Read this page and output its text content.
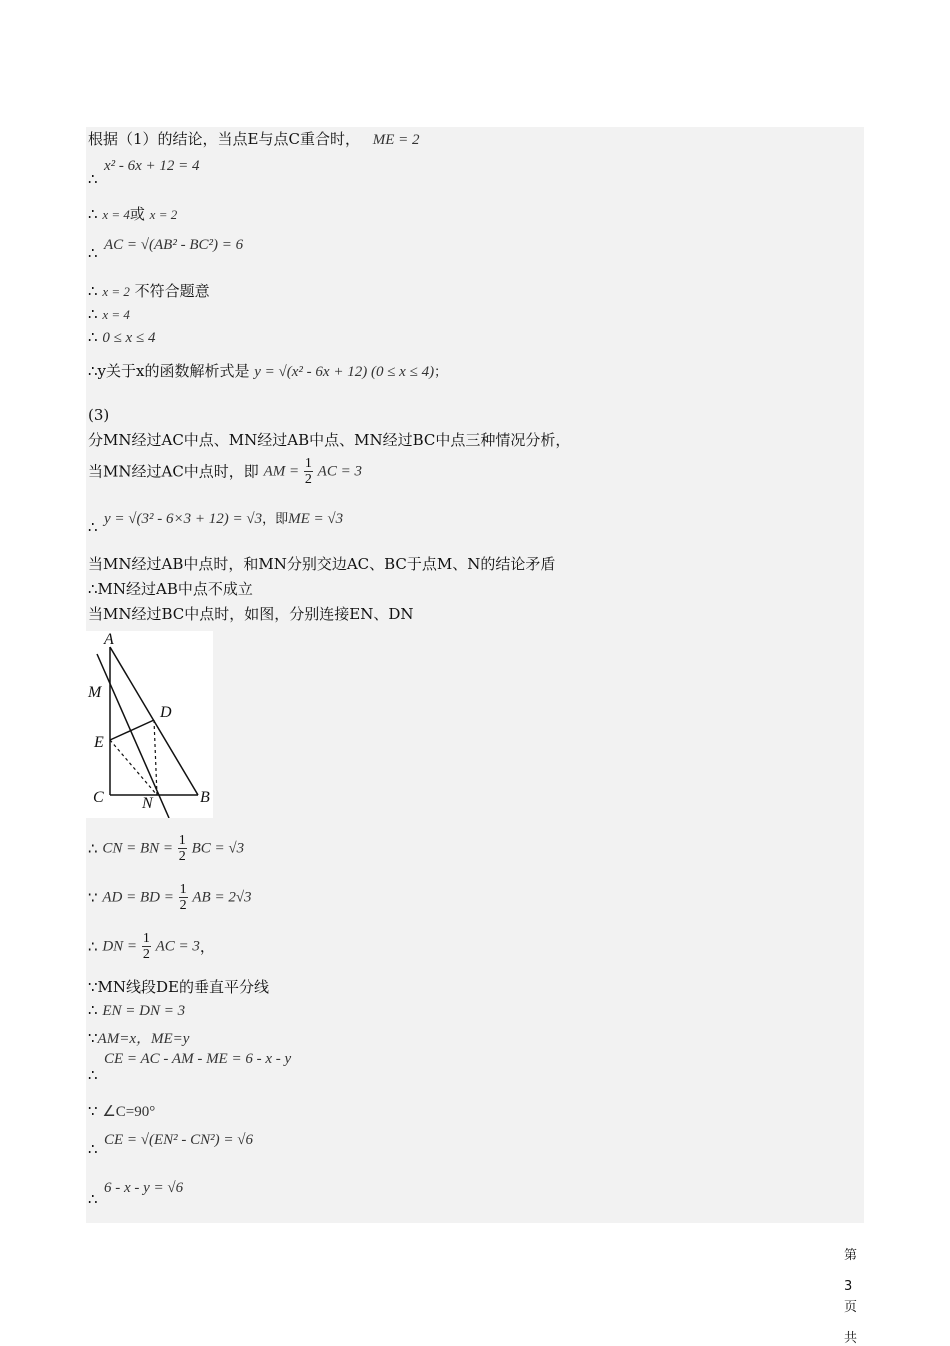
根据（1）的结论，当点E与点C重合时， ME = 2
x² - 6x + 12 = 4
∴
∴ x = 4或 x = 2
AC = √(AB² - BC²) = 6
∴
∴ x = 2 不符合题意
∴ x = 4
∴ 0 ≤ x ≤ 4
∴y关于x的函数解析式是 y = √(x² - 6x + 12) (0 ≤ x ≤ 4)；
(3)
分MN经过AC中点、MN经过AB中点、MN经过BC中点三种情况分析，
当MN经过AC中点时，即 AM = $\frac{1}{2}$ AC = 3
y = √(3² - 6×3 + 12) = √3，即ME = √3
∴
当MN经过AB中点时，和MN分别交边AC、BC于点M、N的结论矛盾
∴MN经过AB中点不成立
当MN经过BC中点时，如图，分别连接EN、DN
A
M
D
E
C N	B
∴ CN = BN = $\frac{1}{2}$ BC = √3
∵ AD = BD = $\frac{1}{2}$ AB = 2√3
∴ DN = $\frac{1}{2}$ AC = 3，
∵MN线段DE的垂直平分线
∴ EN = DN = 3
∵AM=x，ME=y
CE = AC - AM - ME = 6 - x - y
∴
∵ ∠C=90°
CE = √(EN² - CN²) = √6
∴
6 - x - y = √6
∴
第
3
页
共
